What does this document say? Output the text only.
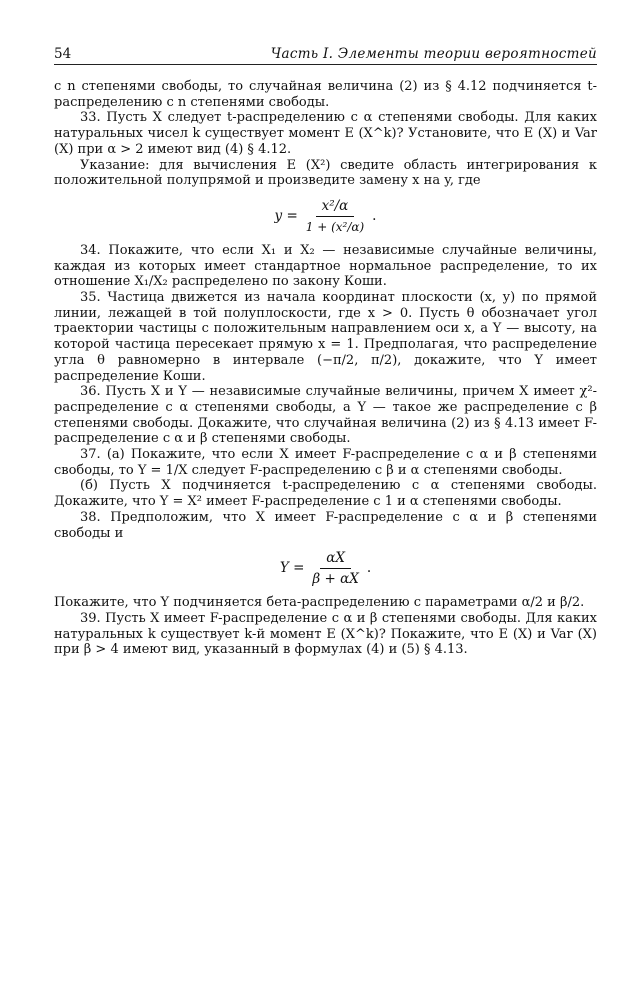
54	Часть I. Элементы теории вероятностей

с n степенями свободы, то случайная величина (2) из § 4.12 подчиняется t-распределению с n степенями свободы.

33. Пусть X следует t-распределению с α степенями свободы. Для каких натуральных чисел k существует момент E (X^k)? Установите, что E (X) и Var (X) при α > 2 имеют вид (4) § 4.12.

Указание: для вычисления E (X²) сведите область интегрирования к положительной полупрямой и произведите замену x на y, где

$y = \frac{\text{x²/α}}{\text{1 + (x²/α)}}$ .

34. Покажите, что если X₁ и X₂ — независимые случайные величины, каждая из которых имеет стандартное нормальное распределение, то их отношение X₁/X₂ распределено по закону Коши.

35. Частица движется из начала координат плоскости (x, y) по прямой линии, лежащей в той полуплоскости, где x > 0. Пусть θ обозначает угол траектории частицы с положительным направлением оси x, а Y — высоту, на которой частица пересекает прямую x = 1. Предполагая, что распределение угла θ равномерно в интервале (−π/2, π/2), докажите, что Y имеет распределение Коши.

36. Пусть X и Y — независимые случайные величины, причем X имеет χ²-распределение с α степенями свободы, а Y — такое же распределение с β степенями свободы. Докажите, что случайная величина (2) из § 4.13 имеет F-распределение с α и β степенями свободы.

37. (а) Покажите, что если X имеет F-распределение с α и β степенями свободы, то Y = 1/X следует F-распределению с β и α степенями свободы.

(б) Пусть X подчиняется t-распределению с α степенями свободы. Докажите, что Y = X² имеет F-распределение с 1 и α степенями свободы.

38. Предположим, что X имеет F-распределение с α и β степенями свободы и

$Y = \frac{\alpha X}{\beta + \alpha X}$ .

Покажите, что Y подчиняется бета-распределению с параметрами α/2 и β/2.

39. Пусть X имеет F-распределение с α и β степенями свободы. Для каких натуральных k существует k-й момент E (X^k)? Покажите, что E (X) и Var (X) при β > 4 имеют вид, указанный в формулах (4) и (5) § 4.13.
